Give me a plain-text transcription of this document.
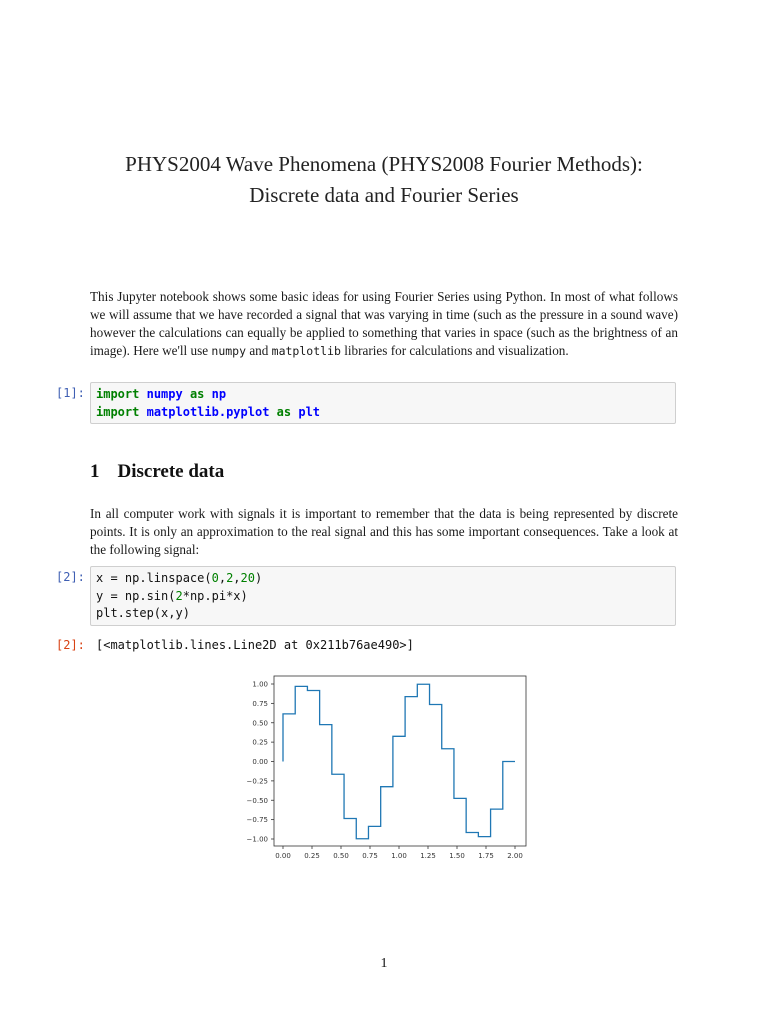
PHYS2004 Wave Phenomena (PHYS2008 Fourier Methods):
Discrete data and Fourier Series
This Jupyter notebook shows some basic ideas for using Fourier Series using Python. In most of what follows we will assume that we have recorded a signal that was varying in time (such as the pressure in a sound wave) however the calculations can equally be applied to something that varies in space (such as the brightness of an image). Here we'll use numpy and matplotlib libraries for calculations and visualization.
[1]: import numpy as np
import matplotlib.pyplot as plt
1 Discrete data
In all computer work with signals it is important to remember that the data is being represented by discrete points. It is only an approximation to the real signal and this has some important consequences. Take a look at the following signal:
[2]: x = np.linspace(0,2,20)
y = np.sin(2*np.pi*x)
plt.step(x,y)
[2]: [<matplotlib.lines.Line2D at 0x211b76ae490>]
0.00 0.25 0.50 0.75 1.00 1.25 1.50 1.75 2.00
1.00
0.75
0.50
0.25
0.00
−0.25
−0.50
−0.75
−1.00
1
